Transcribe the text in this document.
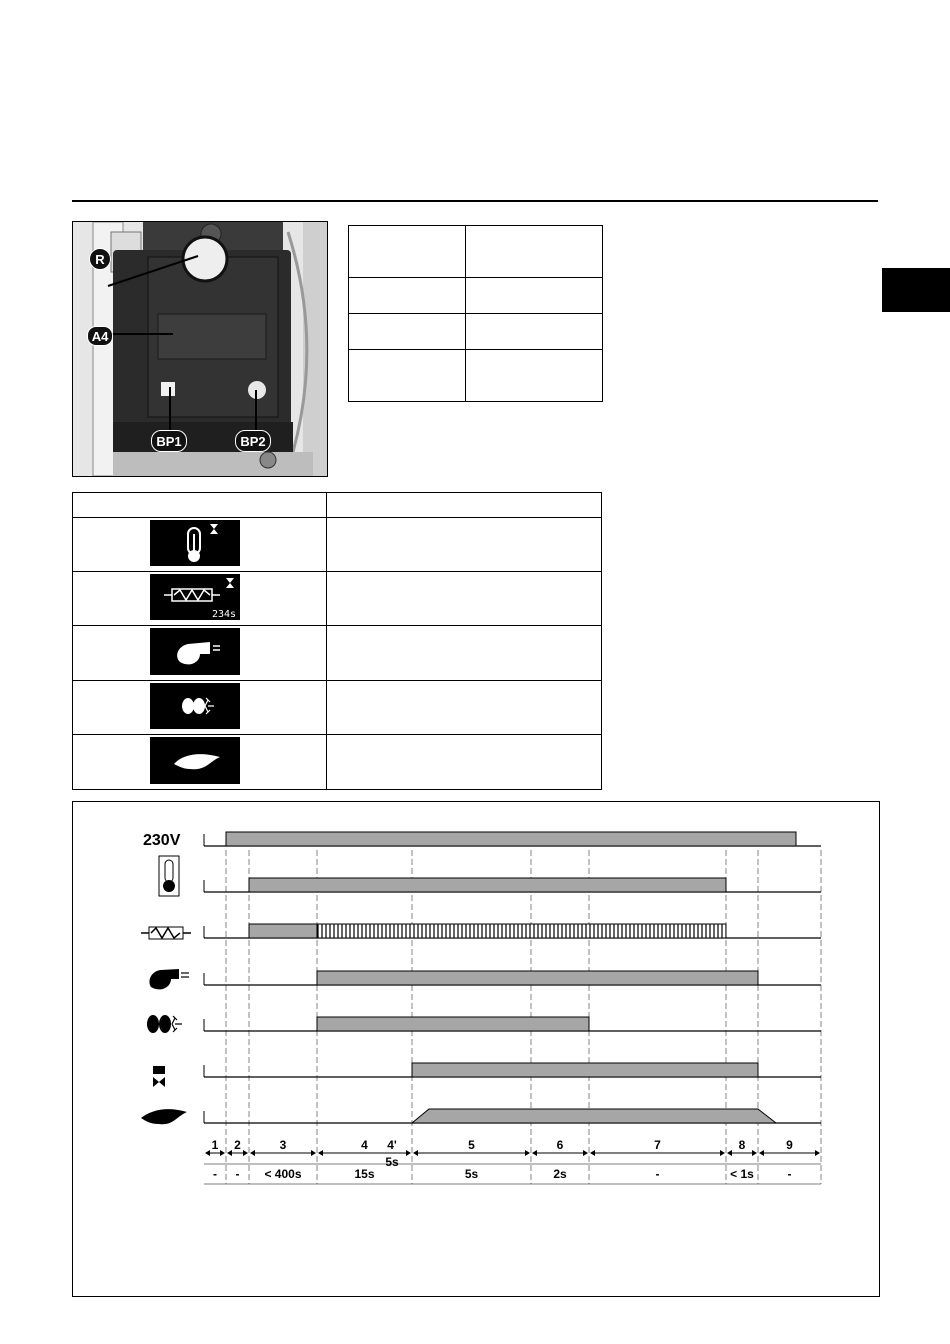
R
A4
BP1	BP2
234s
230V
1
-
2
-
3
< 400s
4
15s
5
5s
6
2s
7
-
8
< 1s
9
-
4'
5s
